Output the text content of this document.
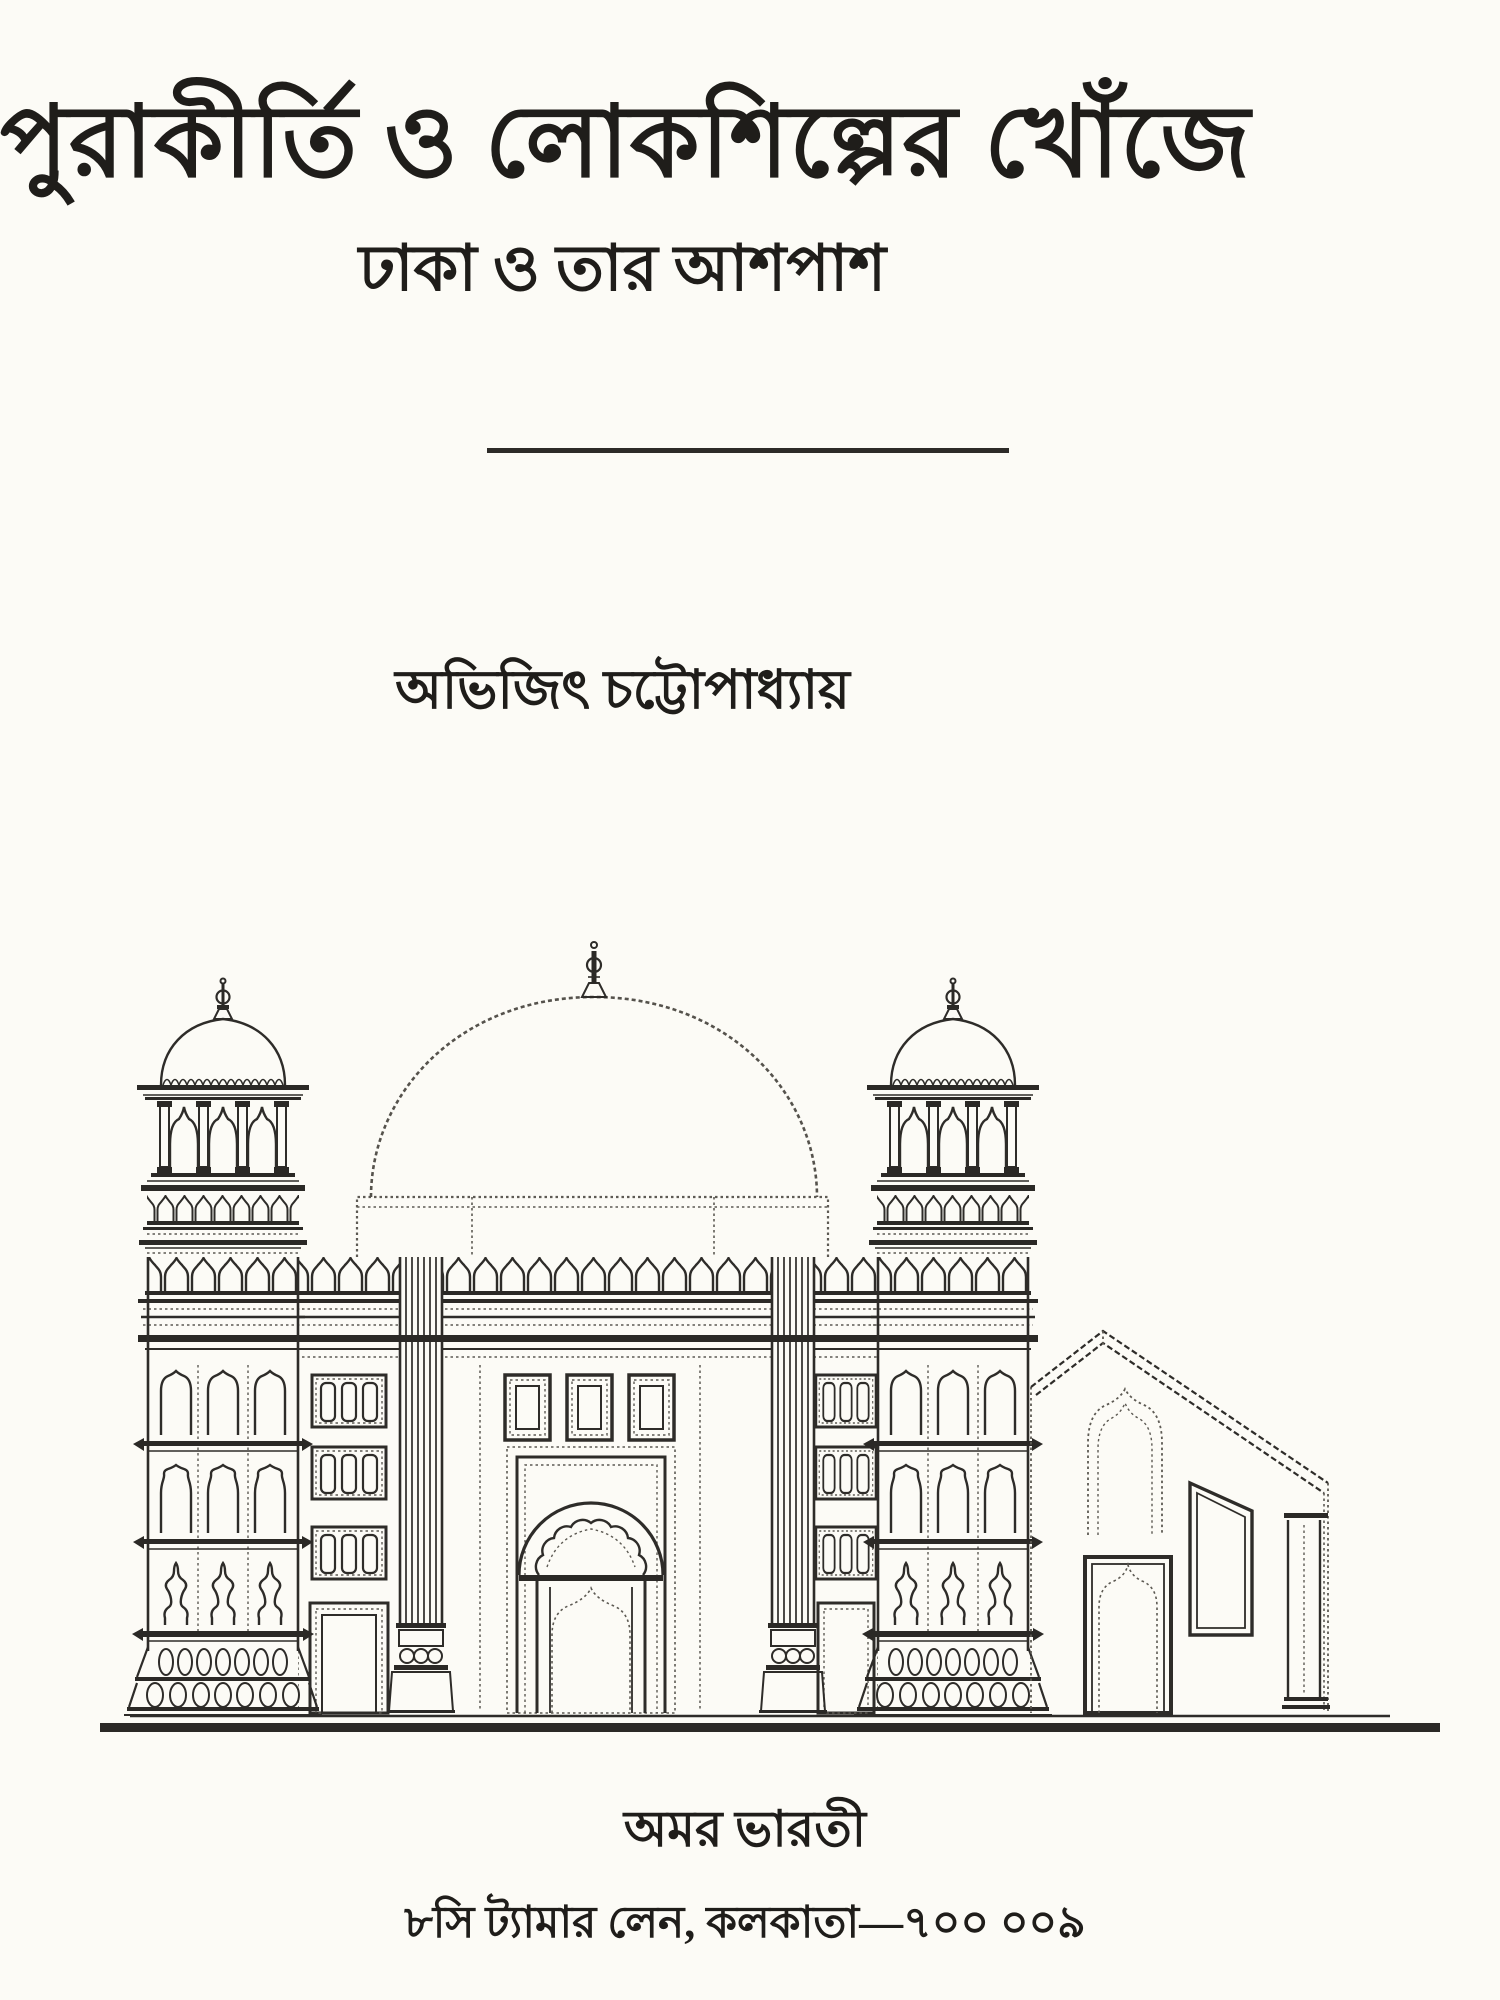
পুরাকীর্তি ও লোকশিল্পের খোঁজে
ঢাকা ও তার আশপাশ
অভিজিৎ চট্টোপাধ্যায়
অমর ভারতী
৮সি ট্যামার লেন, কলকাতা—৭০০ ০০৯
